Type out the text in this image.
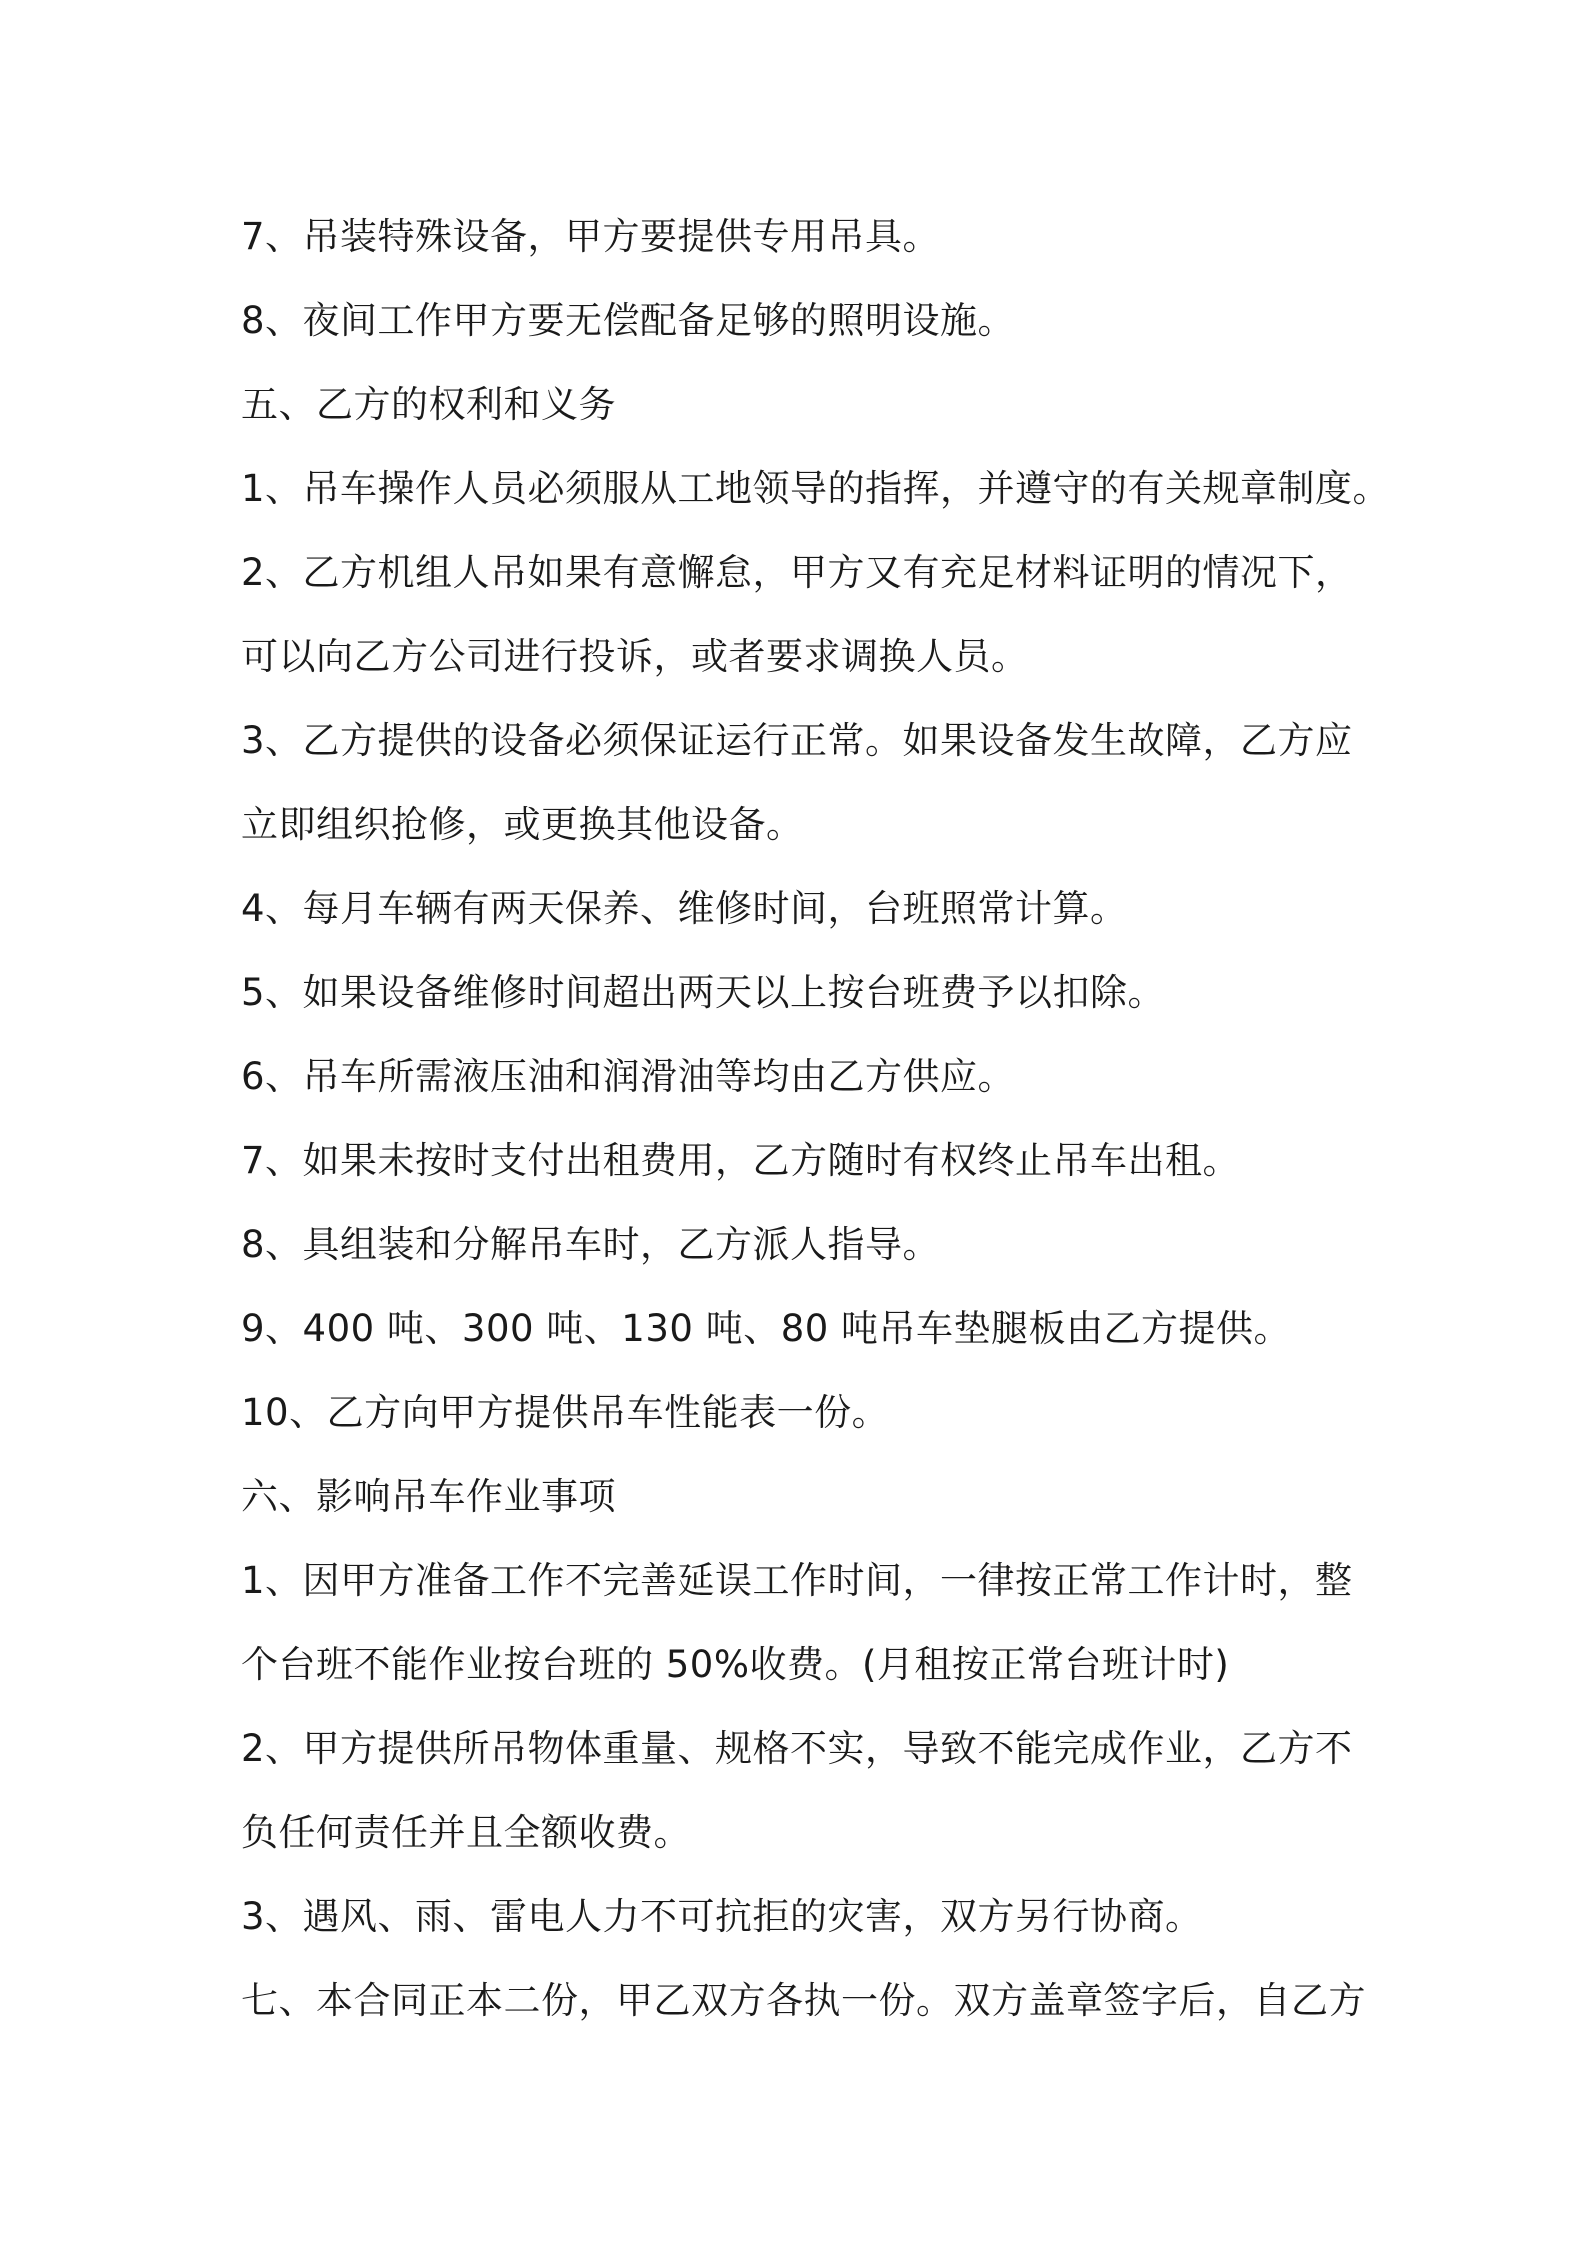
7、吊装特殊设备，甲方要提供专用吊具。
8、夜间工作甲方要无偿配备足够的照明设施。
五、乙方的权利和义务
1、吊车操作人员必须服从工地领导的指挥，并遵守的有关规章制度。
2、乙方机组人吊如果有意懈怠，甲方又有充足材料证明的情况下，
可以向乙方公司进行投诉，或者要求调换人员。
3、乙方提供的设备必须保证运行正常。如果设备发生故障，乙方应
立即组织抢修，或更换其他设备。
4、每月车辆有两天保养、维修时间，台班照常计算。
5、如果设备维修时间超出两天以上按台班费予以扣除。
6、吊车所需液压油和润滑油等均由乙方供应。
7、如果未按时支付出租费用，乙方随时有权终止吊车出租。
8、具组装和分解吊车时，乙方派人指导。
9、400 吨、300 吨、130 吨、80 吨吊车垫腿板由乙方提供。
10、乙方向甲方提供吊车性能表一份。
六、影响吊车作业事项
1、因甲方准备工作不完善延误工作时间，一律按正常工作计时，整
个台班不能作业按台班的 50%收费。(月租按正常台班计时)
2、甲方提供所吊物体重量、规格不实，导致不能完成作业，乙方不
负任何责任并且全额收费。
3、遇风、雨、雷电人力不可抗拒的灾害，双方另行协商。
七、本合同正本二份，甲乙双方各执一份。双方盖章签字后，自乙方
